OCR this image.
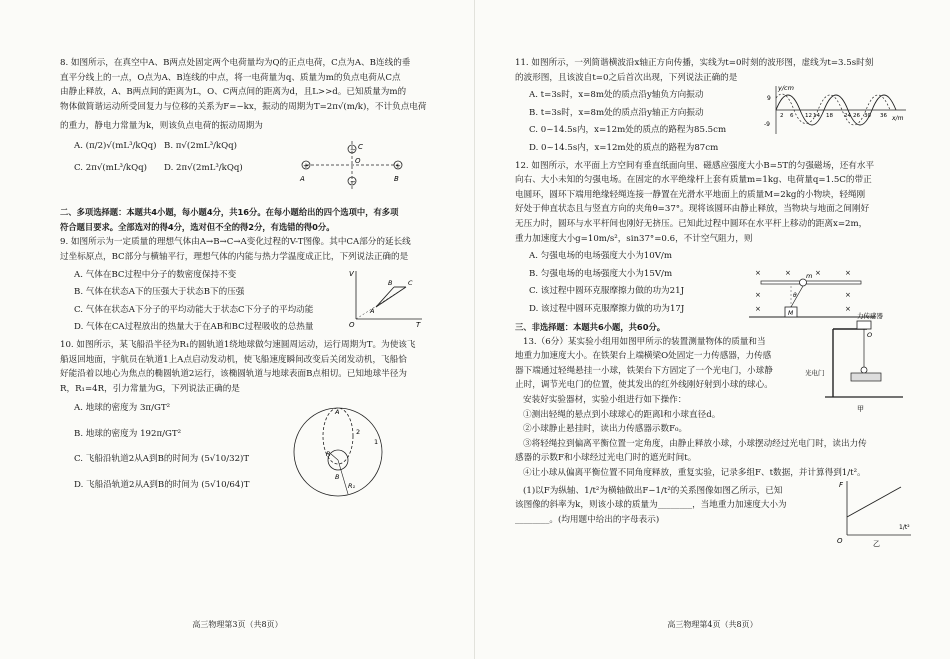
8. 如图所示，在真空中A、B两点处固定两个电荷量均为Q的正点电荷，C点为A、B连线的垂

直平分线上的一点，O点为A、B连线的中点，将一电荷量为q、质量为m的负点电荷从C点

由静止释放，A、B两点间的距离为L，O、C两点间的距离为d，且L>>d。已知质量为m的

物体做简谐运动所受回复力与位移的关系为F=−kx，振动的周期为T=2π√(m/k)，不计负点电荷

的重力，静电力常量为k，则该负点电荷的振动周期为

A. (π/2)√(mL³/kQq) B. π√(2mL³/kQq)
C. 2π√(mL³/kQq)	D. 2π√(2mL³/kQq)	+	+
−
−
A	B
C
O

二、多项选择题：本题共4小题，每小题4分，共16分。在每小题给出的四个选项中，有多项

符合题目要求。全部选对的得4分，选对但不全的得2分，有选错的得0分。

9. 如图所示为一定质量的理想气体由A→B→C→A变化过程的V-T图像。其中CA部分的延长线

过坐标原点，BC部分与横轴平行，理想气体的内能与热力学温度成正比，下列说法正确的是

A. 气体在BC过程中分子的数密度保持不变

B. 气体在状态A下的压强大于状态B下的压强

C. 气体在状态A下分子的平均动能大于状态C下分子的平均动能

D. 气体在CA过程放出的热量大于在AB和BC过程吸收的总热量

V
T
O
A
B C

10. 如图所示，某飞船沿半径为R₁的圆轨道1绕地球做匀速圆周运动，运行周期为T。为使该飞

船返回地面，宇航员在轨道1上A点启动发动机，使飞船速度瞬间改变后关闭发动机，飞船恰

好能沿着以地心为焦点的椭圆轨道2运行，该椭圆轨道与地球表面B点相切。已知地球半径为

R，R₁=4R，引力常量为G，下列说法正确的是

A. 地球的密度为 3π/GT²

B. 地球的密度为 192π/GT²

C. 飞船沿轨道2从A到B的时间为 (5√10/32)T

D. 飞船沿轨道2从A到B的时间为 (5√10/64)T

A
B
R
R₁
1
2
高三物理第3页（共8页）

11. 如图所示，一列简谐横波沿x轴正方向传播，实线为t=0时刻的波形图，虚线为t=3.5s时刻

的波形图，且该波自t=0之后首次出现，下列说法正确的是

A. t=3s时，x=8m处的质点沿y轴负方向振动

B. t=3s时，x=8m处的质点沿y轴正方向振动

C. 0~14.5s内，x=12m处的质点的路程为85.5cm

D. 0~14.5s内，x=12m处的质点的路程为87cm

y/cm
x/m
9
-9
2 6 12 14 18 24 26 30 36

12. 如图所示，水平面上方空间有垂直纸面向里、磁感应强度大小B=5T的匀强磁场，还有水平

向右、大小未知的匀强电场。在固定的水平绝缘杆上套有质量m=1kg、电荷量q=1.5C的带正

电圆环，圆环下端用绝缘轻绳连接一静置在光滑水平地面上的质量M=2kg的小物块，轻绳刚

好处于伸直状态且与竖直方向的夹角θ=37°。现将该圆环由静止释放，当物块与地面之间刚好

无压力时，圆环与水平杆间也刚好无挤压。已知此过程中圆环在水平杆上移动的距离x=2m，

重力加速度大小g=10m/s²，sin37°=0.6，不计空气阻力，则

A. 匀强电场的电场强度大小为10V/m

B. 匀强电场的电场强度大小为15V/m

C. 该过程中圆环克服摩擦力做的功为21J

D. 该过程中圆环克服摩擦力做的功为17J

×	×	×	×
×	×
×	×
m
M
θ

三、非选择题：本题共6小题，共60分。

13.（6分）某实验小组用如图甲所示的装置测量物体的质量和当

地重力加速度大小。在铁架台上端横梁O处固定一力传感器，力传感

器下端通过轻绳悬挂一小球，铁架台下方固定了一个光电门，小球静

止时，调节光电门的位置，使其发出的红外线刚好射到小球的球心。

安装好实验器材，实验小组进行如下操作：

①测出轻绳的悬点到小球球心的距离l和小球直径d。

②小球静止悬挂时，读出力传感器示数F₀。

③将轻绳拉到偏离平衡位置一定角度，由静止释放小球，小球摆动经过光电门时，读出力传

感器的示数F和小球经过光电门时的遮光时间t。

④让小球从偏离平衡位置不同角度释放，重复实验，记录多组F、t数据，并计算得到1/t²。

(1)以F为纵轴、1/t²为横轴做出F−1/t²的关系图像如图乙所示，已知

该图像的斜率为k，则该小球的质量为________，当地重力加速度大小为

________。(均用题中给出的字母表示)

力传感器
O
光电门
甲
F
1/t²
O	乙
高三物理第4页（共8页）
